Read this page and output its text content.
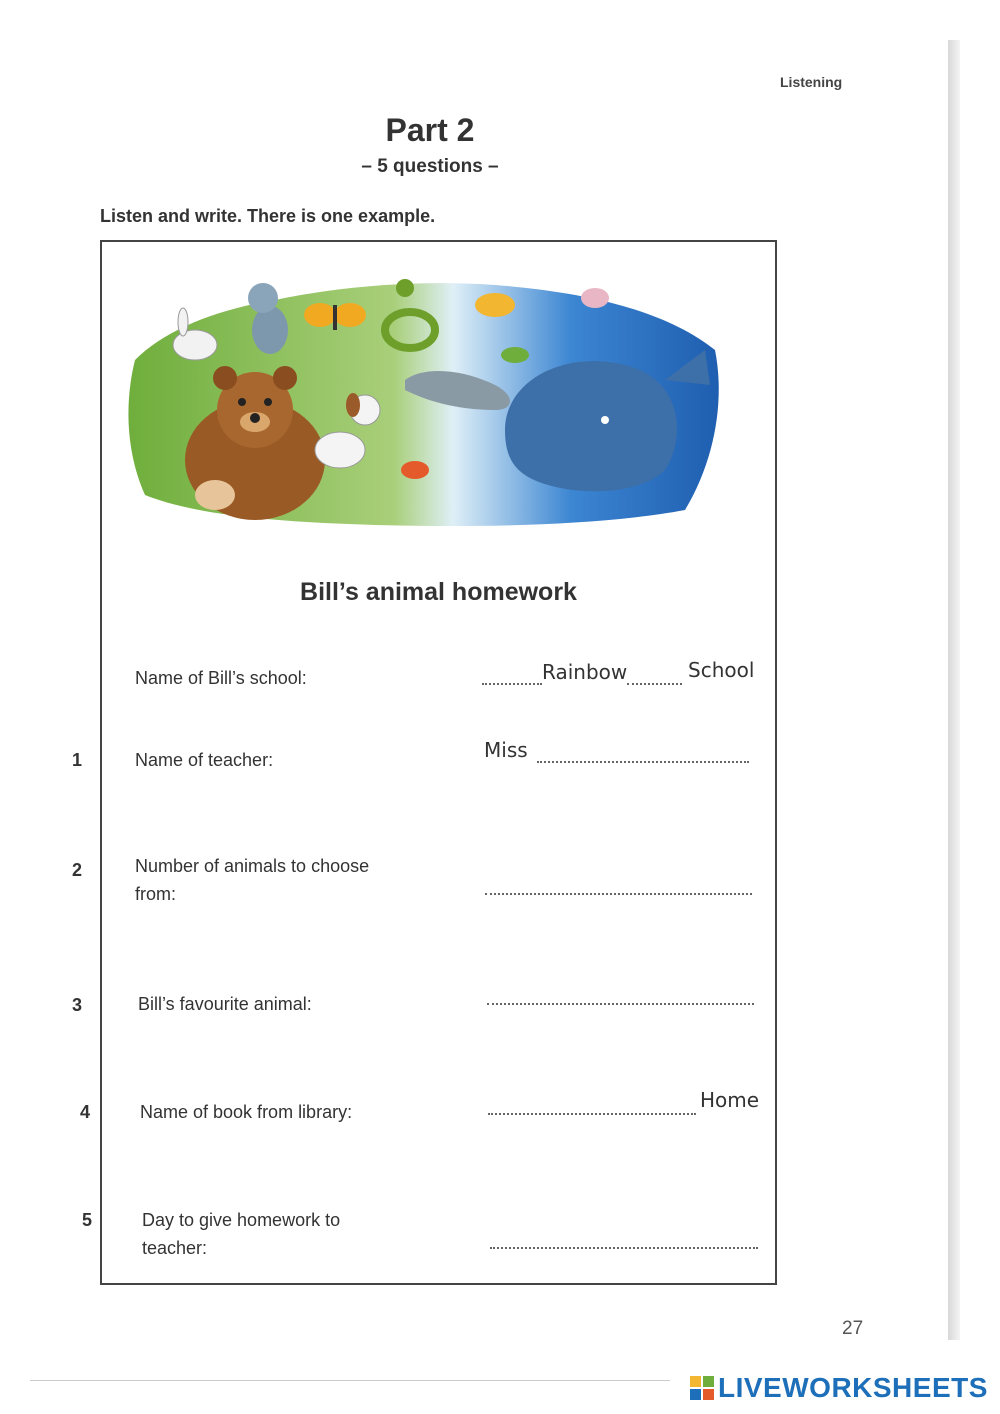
Listening
Part 2
– 5 questions –
Listen and write. There is one example.
Bill’s animal homework
Name of Bill’s school:	Rainbow	School
1	Name of teacher:	Miss
2	Number of animals to choose from:
3	Bill’s favourite animal:
4	Name of book from library:	Home
5	Day to give homework to teacher:
27
LIVEWORKSHEETS
